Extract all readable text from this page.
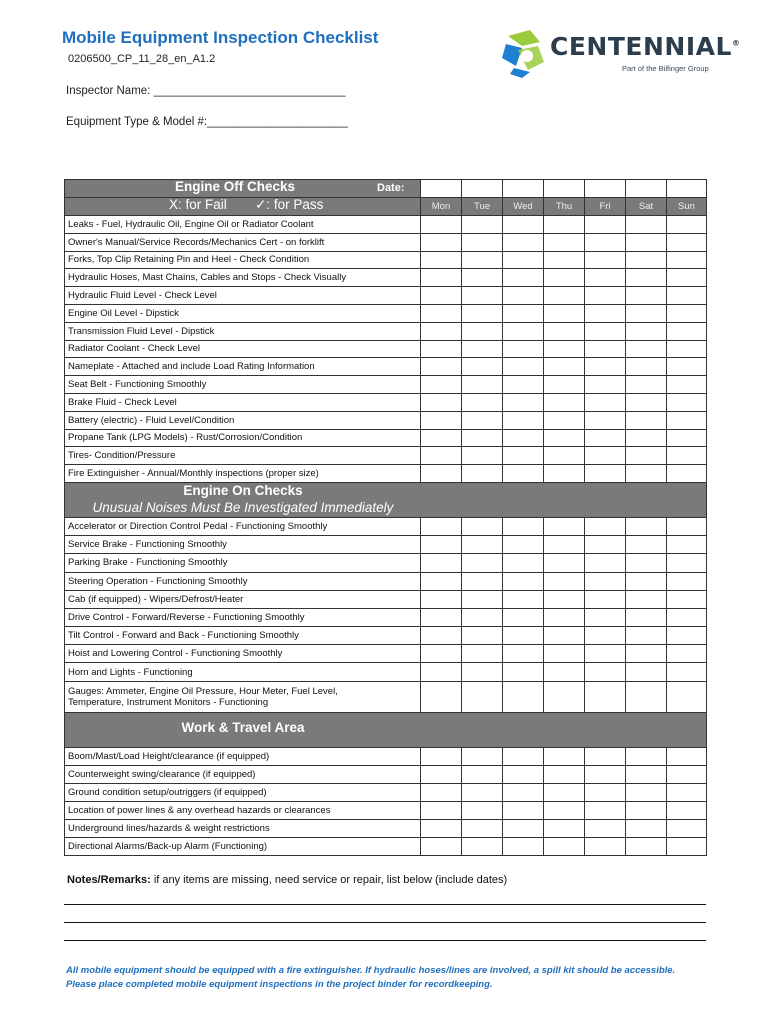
Mobile Equipment Inspection Checklist
0206500_CP_11_28_en_A1.2
Inspector Name: ______________________________
Equipment Type & Model #:______________________
CENTENNIAL®
Part of the Bilfinger Group
Engine Off Checks Date:							

X: for Fail ✓: for Pass	Mon	Tue	Wed	Thu	Fri	Sat	Sun
Leaks - Fuel, Hydraulic Oil, Engine Oil or Radiator Coolant							
Owner's Manual/Service Records/Mechanics Cert - on forklift							
Forks, Top Clip Retaining Pin and Heel - Check Condition							
Hydraulic Hoses, Mast Chains, Cables and Stops - Check Visually							
Hydraulic Fluid Level - Check Level							
Engine Oil Level - Dipstick							
Transmission Fluid Level - Dipstick							
Radiator Coolant - Check Level							
Nameplate - Attached and include Load Rating Information							
Seat Belt - Functioning Smoothly							
Brake Fluid - Check Level							
Battery (electric) - Fluid Level/Condition							
Propane Tank (LPG Models) - Rust/Corrosion/Condition							
Tires- Condition/Pressure							
Fire Extinguisher - Annual/Monthly inspections (proper size)							

Engine On Checks
Unusual Noises Must Be Investigated Immediately							

Accelerator or Direction Control Pedal - Functioning Smoothly							
Service Brake - Functioning Smoothly							
Parking Brake - Functioning Smoothly							
Steering Operation - Functioning Smoothly							
Cab (if equipped) - Wipers/Defrost/Heater							
Drive Control - Forward/Reverse - Functioning Smoothly							
Tilt Control - Forward and Back - Functioning Smoothly							
Hoist and Lowering Control - Functioning Smoothly							
Horn and Lights - Functioning							
Gauges: Ammeter, Engine Oil Pressure, Hour Meter, Fuel Level,
Temperature, Instrument Monitors - Functioning							

Work & Travel Area							

Boom/Mast/Load Height/clearance (if equipped)							
Counterweight swing/clearance (if equipped)							
Ground condition setup/outriggers (if equipped)							
Location of power lines & any overhead hazards or clearances							
Underground lines/hazards & weight restrictions							
Directional Alarms/Back-up Alarm (Functioning)							
Notes/Remarks: if any items are missing, need service or repair, list below (include dates)
All mobile equipment should be equipped with a fire extinguisher. If hydraulic hoses/lines are involved, a spill kit should be accessible. Please place completed mobile equipment inspections in the project binder for recordkeeping.
